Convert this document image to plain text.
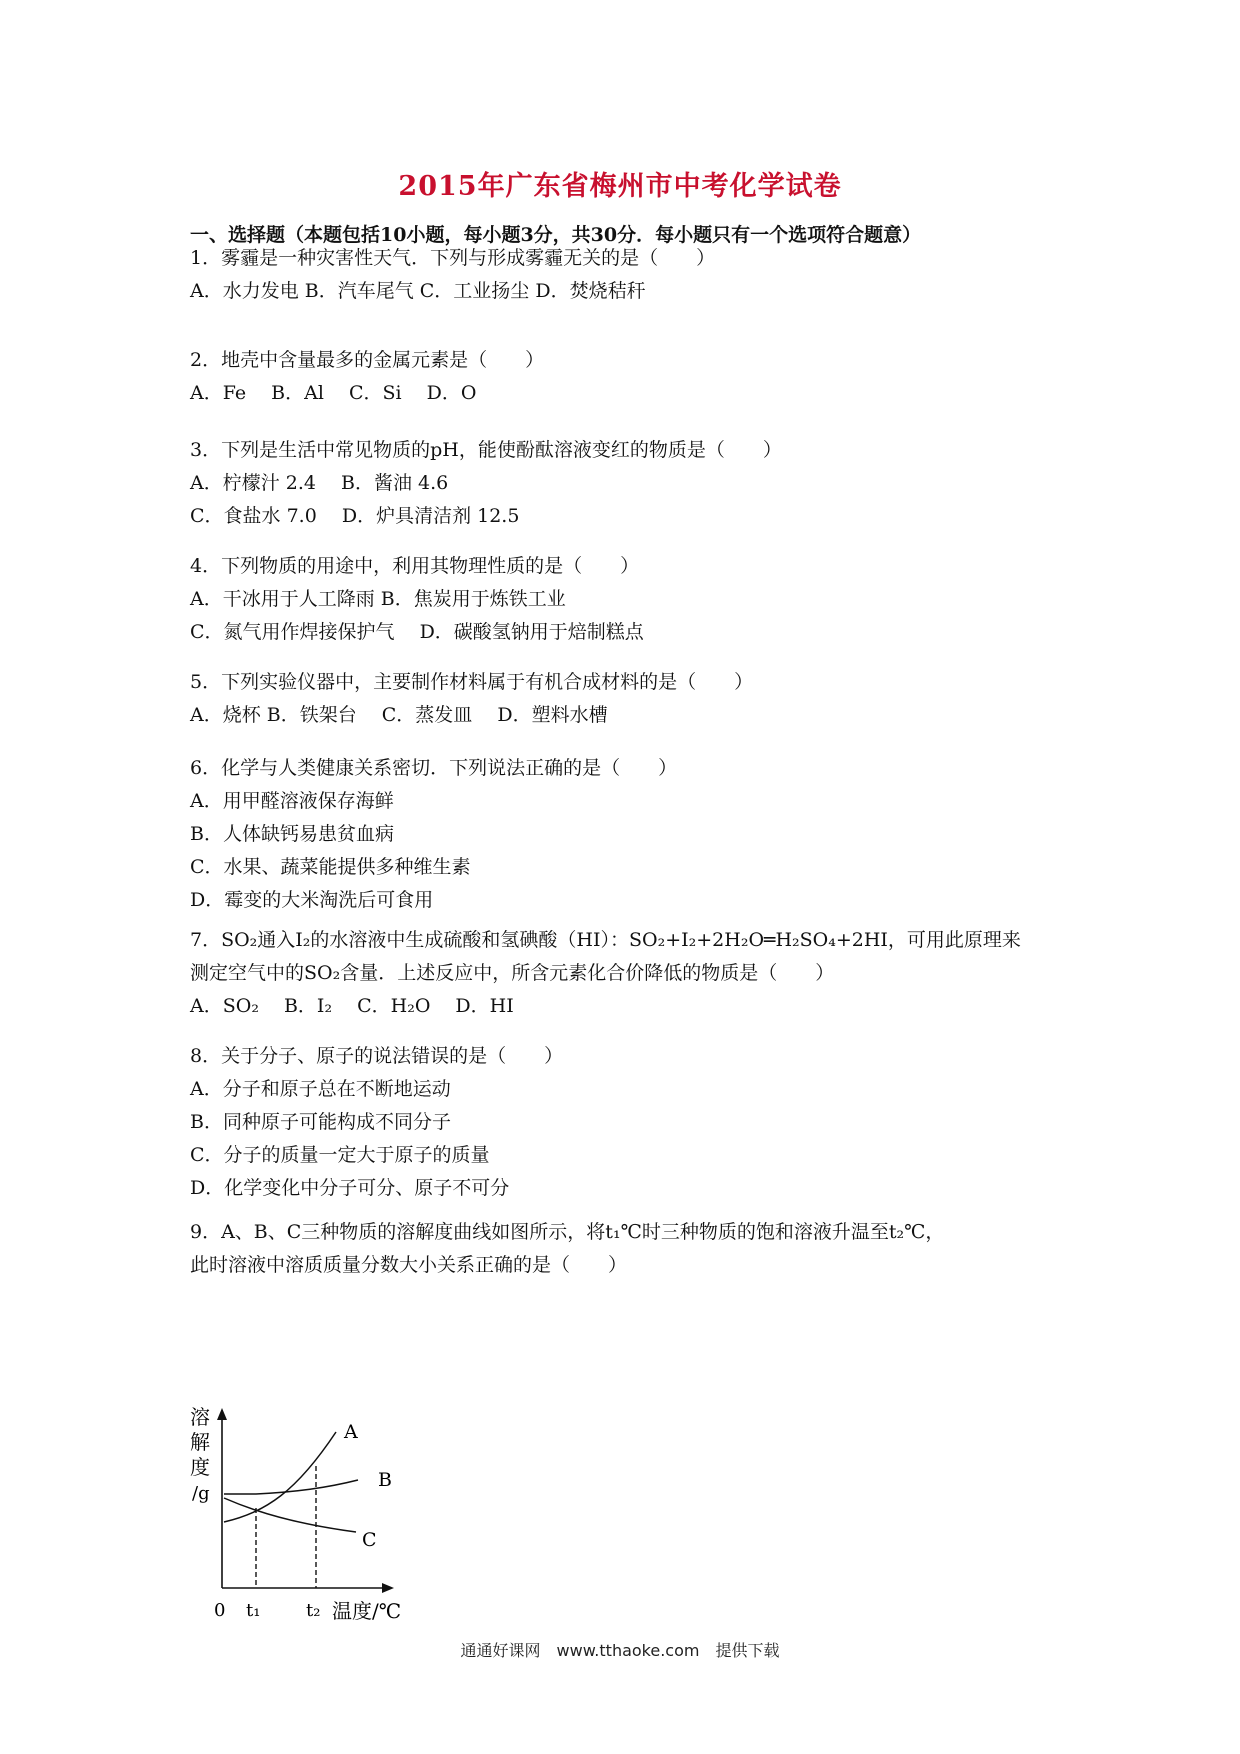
2015年广东省梅州市中考化学试卷
一、选择题（本题包括10小题，每小题3分，共30分．每小题只有一个选项符合题意）
1．雾霾是一种灾害性天气．下列与形成雾霾无关的是（　　）
A．水力发电 B．汽车尾气 C．工业扬尘 D．焚烧秸秆
2．地壳中含量最多的金属元素是（　　）
A．Fe　 B．Al　 C．Si　 D．O
3．下列是生活中常见物质的pH，能使酚酞溶液变红的物质是（　　）
A．柠檬汁 2.4　 B．酱油 4.6
C．食盐水 7.0　 D．炉具清洁剂 12.5
4．下列物质的用途中，利用其物理性质的是（　　）
A．干冰用于人工降雨 B．焦炭用于炼铁工业
C．氮气用作焊接保护气　 D．碳酸氢钠用于焙制糕点
5．下列实验仪器中，主要制作材料属于有机合成材料的是（　　）
A．烧杯 B．铁架台　 C．蒸发皿　 D．塑料水槽
6．化学与人类健康关系密切．下列说法正确的是（　　）
A．用甲醛溶液保存海鲜
B．人体缺钙易患贫血病
C．水果、蔬菜能提供多种维生素
D．霉变的大米淘洗后可食用
7．SO₂通入I₂的水溶液中生成硫酸和氢碘酸（HI）：SO₂+I₂+2H₂O═H₂SO₄+2HI，可用此原理来
测定空气中的SO₂含量．上述反应中，所含元素化合价降低的物质是（　　）
A．SO₂　 B．I₂　 C．H₂O　 D．HI
8．关于分子、原子的说法错误的是（　　）
A．分子和原子总在不断地运动
B．同种原子可能构成不同分子
C．分子的质量一定大于原子的质量
D．化学变化中分子可分、原子不可分
9．A、B、C三种物质的溶解度曲线如图所示，将t₁℃时三种物质的饱和溶液升温至t₂℃，
此时溶液中溶质质量分数大小关系正确的是（　　）
溶
解
度
/g
A
B
C
0 t₁	t₂ 温度/℃
通通好课网　www.tthaoke.com　提供下载
